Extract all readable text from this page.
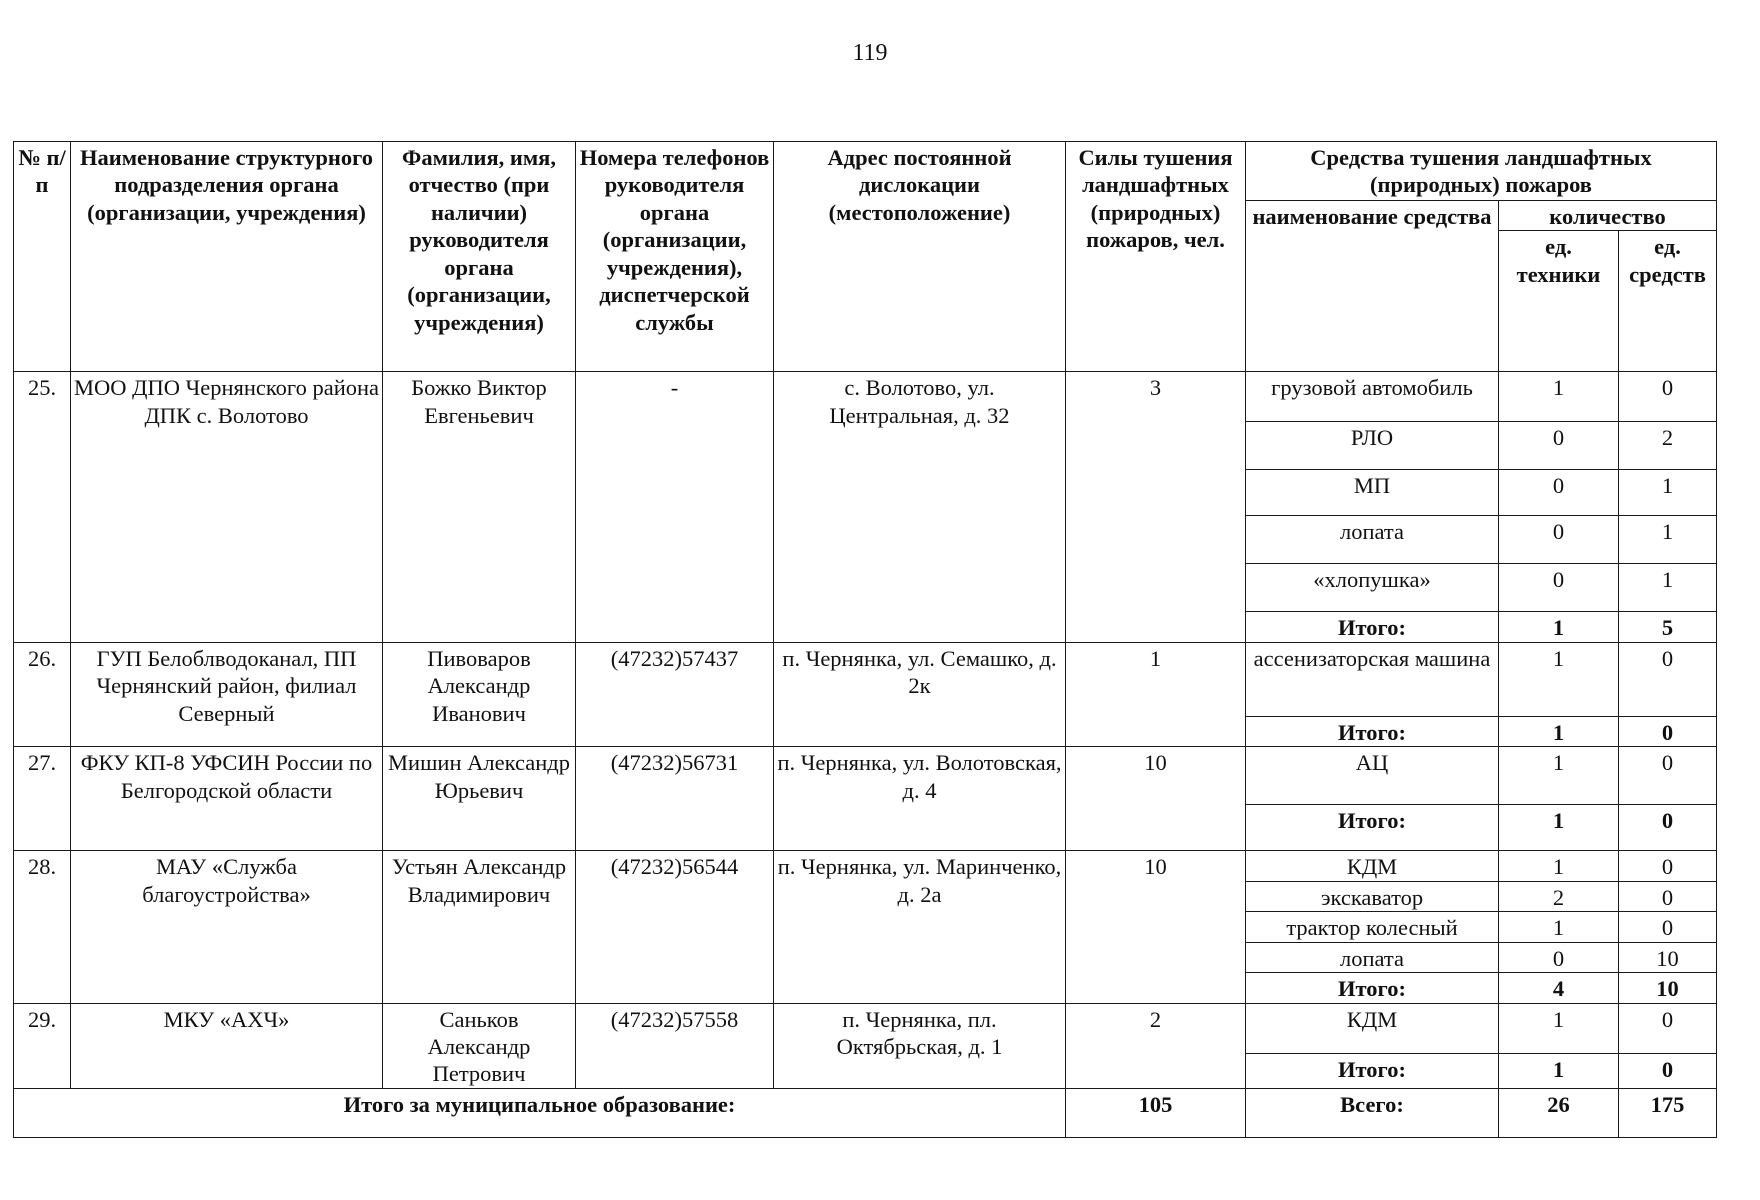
119
№ п/п	Наименование структурного подразделения органа (организации, учреждения)	Фамилия, имя, отчество (при наличии) руководителя органа (организации, учреждения)	Номера телефонов руководителя органа (организации, учреждения), диспетчерской службы	Адрес постоянной дислокации (местоположение)	Силы тушения ландшафтных (природных) пожаров, чел.	Средства тушения ландшафтных (природных) пожаров		
						наименование средства	количество	
							ед. техники	ед. средств
25.	МОО ДПО Чернянского района ДПК с. Волотово	Божко Виктор Евгеньевич	-	с. Волотово, ул. Центральная, д. 32	3	грузовой автомобиль	1	0
						РЛО	0	2
						МП	0	1
						лопата	0	1
						«хлопушка»	0	1
						Итого:	1	5
26.	ГУП Белоблводоканал, ПП Чернянский район, филиал Северный	Пивоваров Александр Иванович	(47232)57437	п. Чернянка, ул. Семашко, д. 2к	1	ассенизаторская машина	1	0
						Итого:	1	0
27.	ФКУ КП-8 УФСИН России по Белгородской области	Мишин Александр Юрьевич	(47232)56731	п. Чернянка, ул. Волотовская, д. 4	10	АЦ	1	0
						Итого:	1	0
28.	МАУ «Служба благоустройства»	Устьян Александр Владимирович	(47232)56544	п. Чернянка, ул. Маринченко, д. 2а	10	КДМ	1	0
						экскаватор	2	0
						трактор колесный	1	0
						лопата	0	10
						Итого:	4	10
29.	МКУ «АХЧ»	Саньков Александр Петрович	(47232)57558	п. Чернянка, пл. Октябрьская, д. 1	2	КДМ	1	0
						Итого:	1	0
Итого за муниципальное образование:					105	Всего:	26	175
